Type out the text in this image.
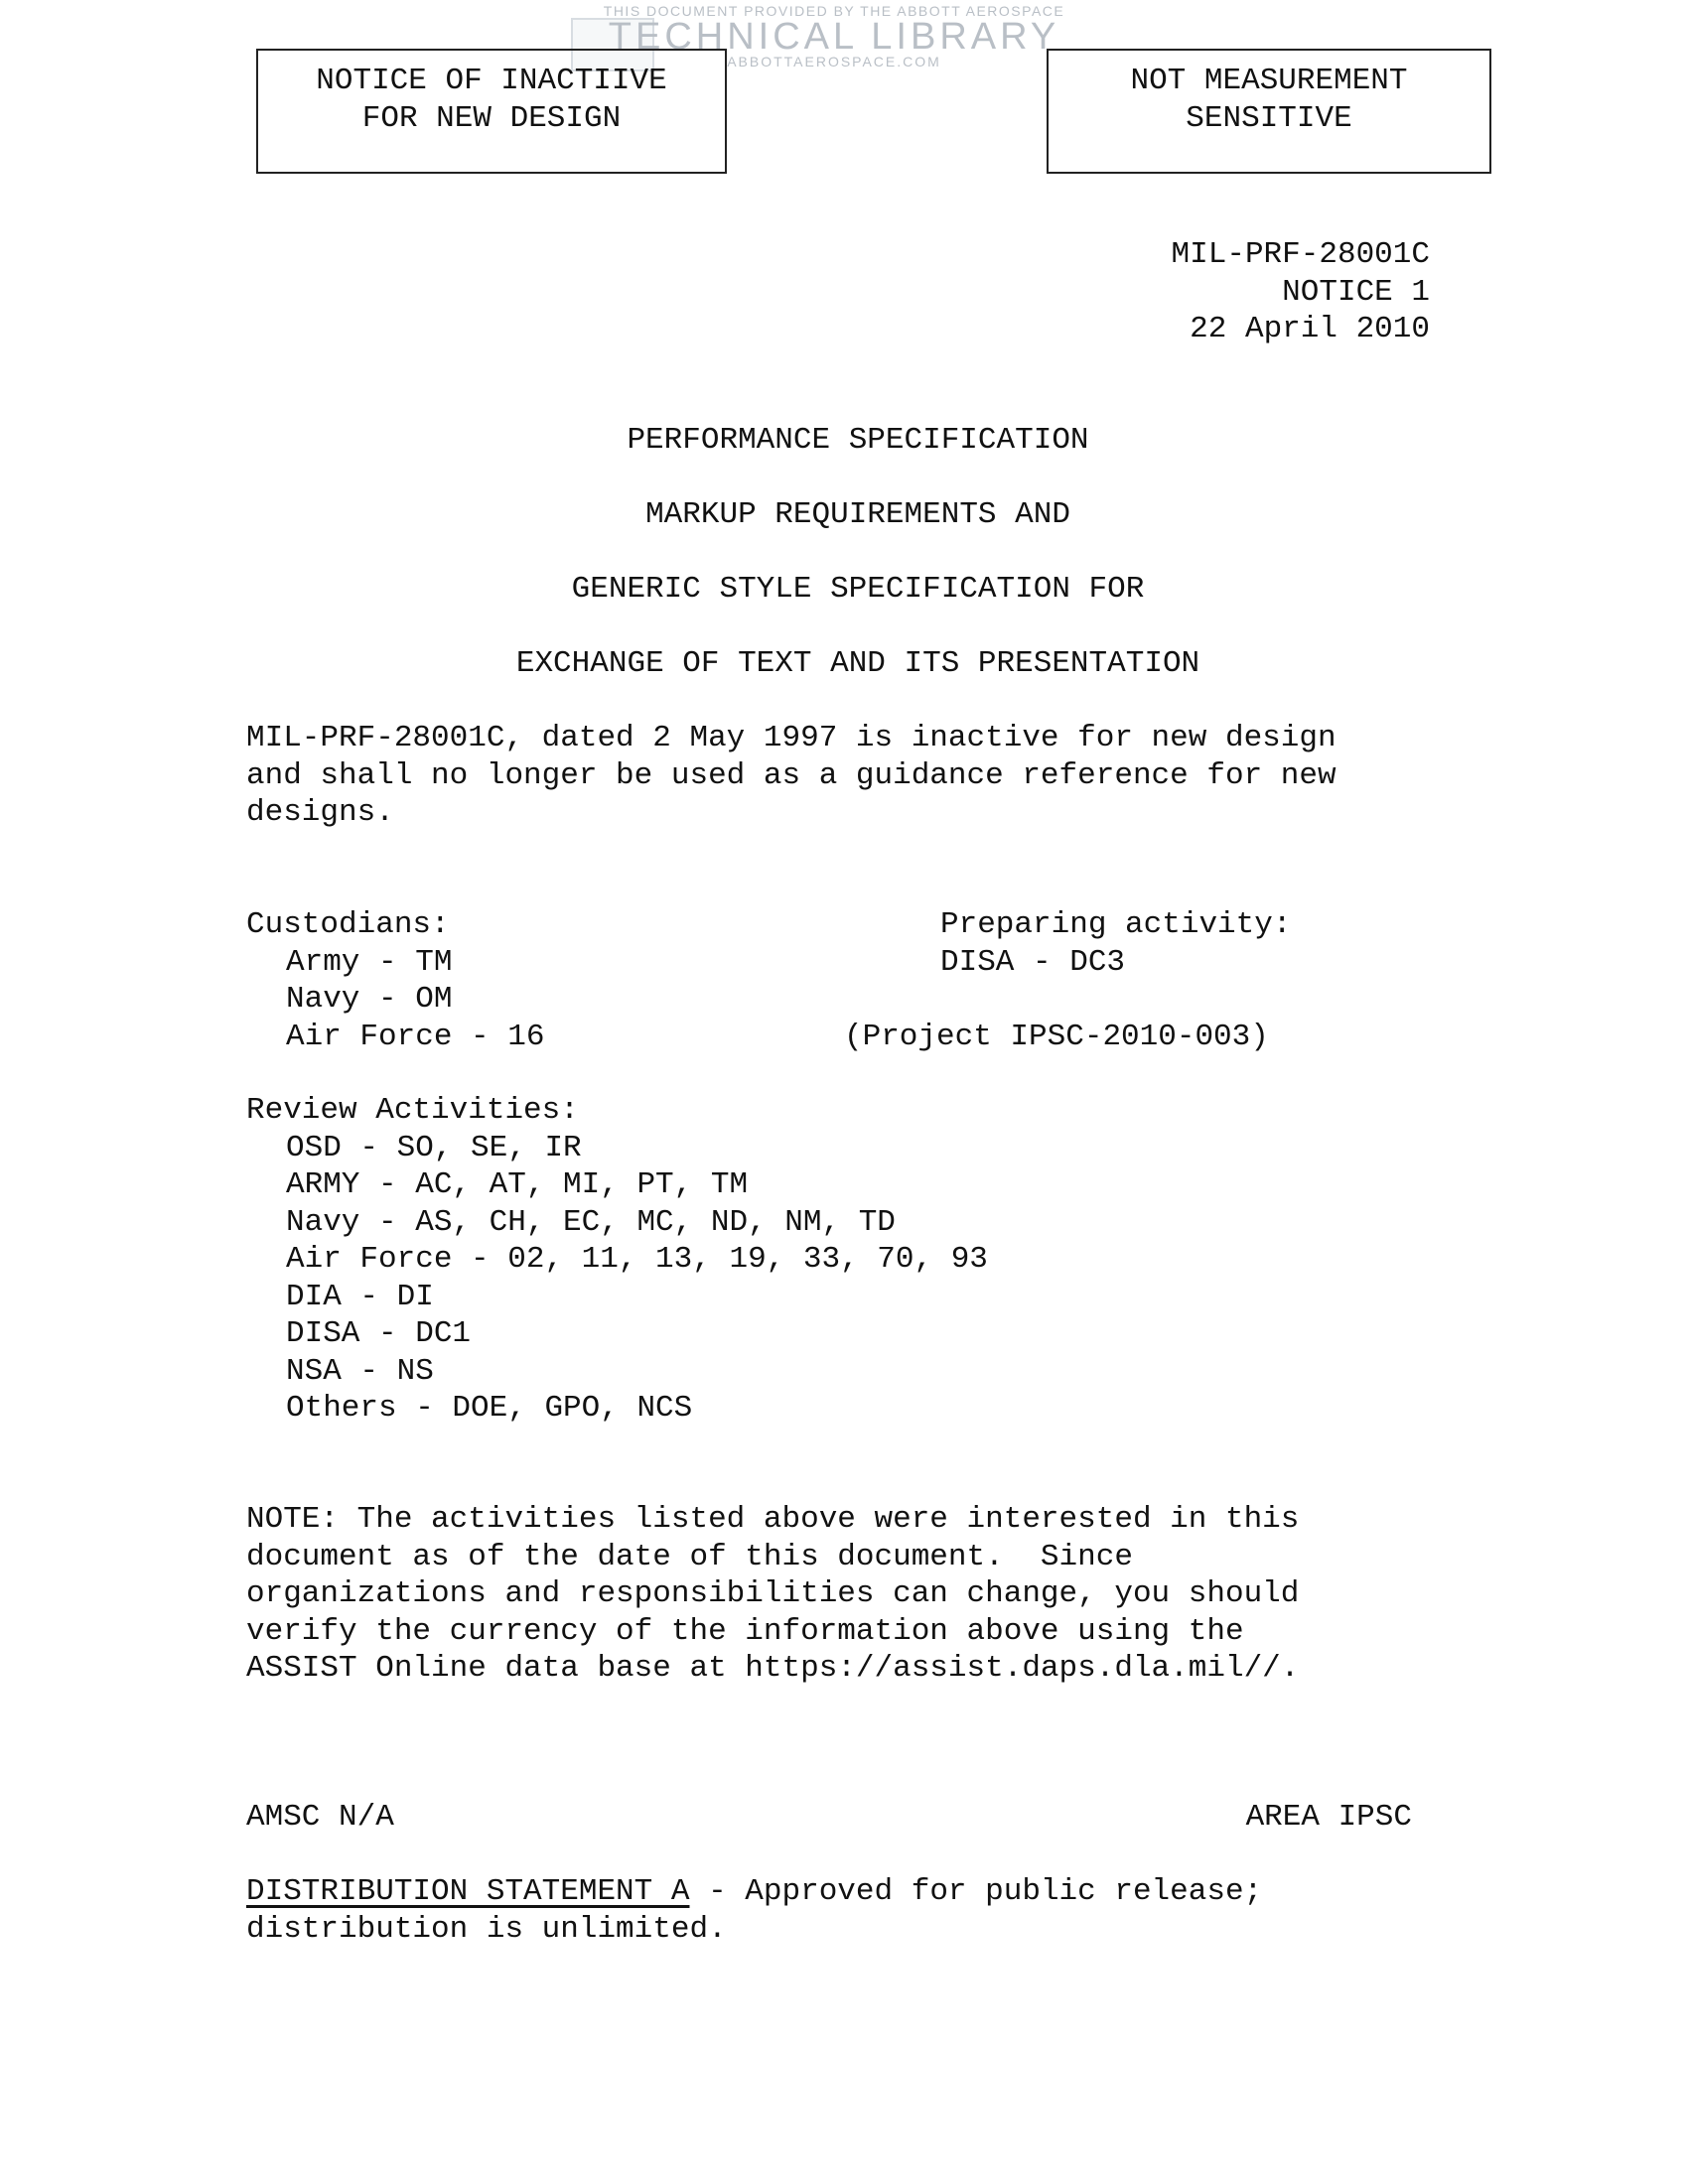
THIS DOCUMENT PROVIDED BY THE ABBOTT AEROSPACE
TECHNICAL LIBRARY
ABBOTTAEROSPACE.COM
NOTICE OF INACTIIVE
FOR NEW DESIGN
NOT MEASUREMENT
SENSITIVE
MIL-PRF-28001C
NOTICE 1
22 April 2010
PERFORMANCE SPECIFICATION
MARKUP REQUIREMENTS AND
GENERIC STYLE SPECIFICATION FOR
EXCHANGE OF TEXT AND ITS PRESENTATION
MIL-PRF-28001C, dated 2 May 1997 is inactive for new design
and shall no longer be used as a guidance reference for new
designs.
Custodians:
Army - TM
Navy - OM
Air Force - 16
Preparing activity:
DISA - DC3
(Project IPSC-2010-003)
Review Activities:
OSD - SO, SE, IR
ARMY - AC, AT, MI, PT, TM
Navy - AS, CH, EC, MC, ND, NM, TD
Air Force - 02, 11, 13, 19, 33, 70, 93
DIA - DI
DISA - DC1
NSA - NS
Others - DOE, GPO, NCS
NOTE: The activities listed above were interested in this
document as of the date of this document.  Since
organizations and responsibilities can change, you should
verify the currency of the information above using the
ASSIST Online data base at https://assist.daps.dla.mil//.
AMSC N/A	AREA IPSC
DISTRIBUTION STATEMENT A - Approved for public release;
distribution is unlimited.
